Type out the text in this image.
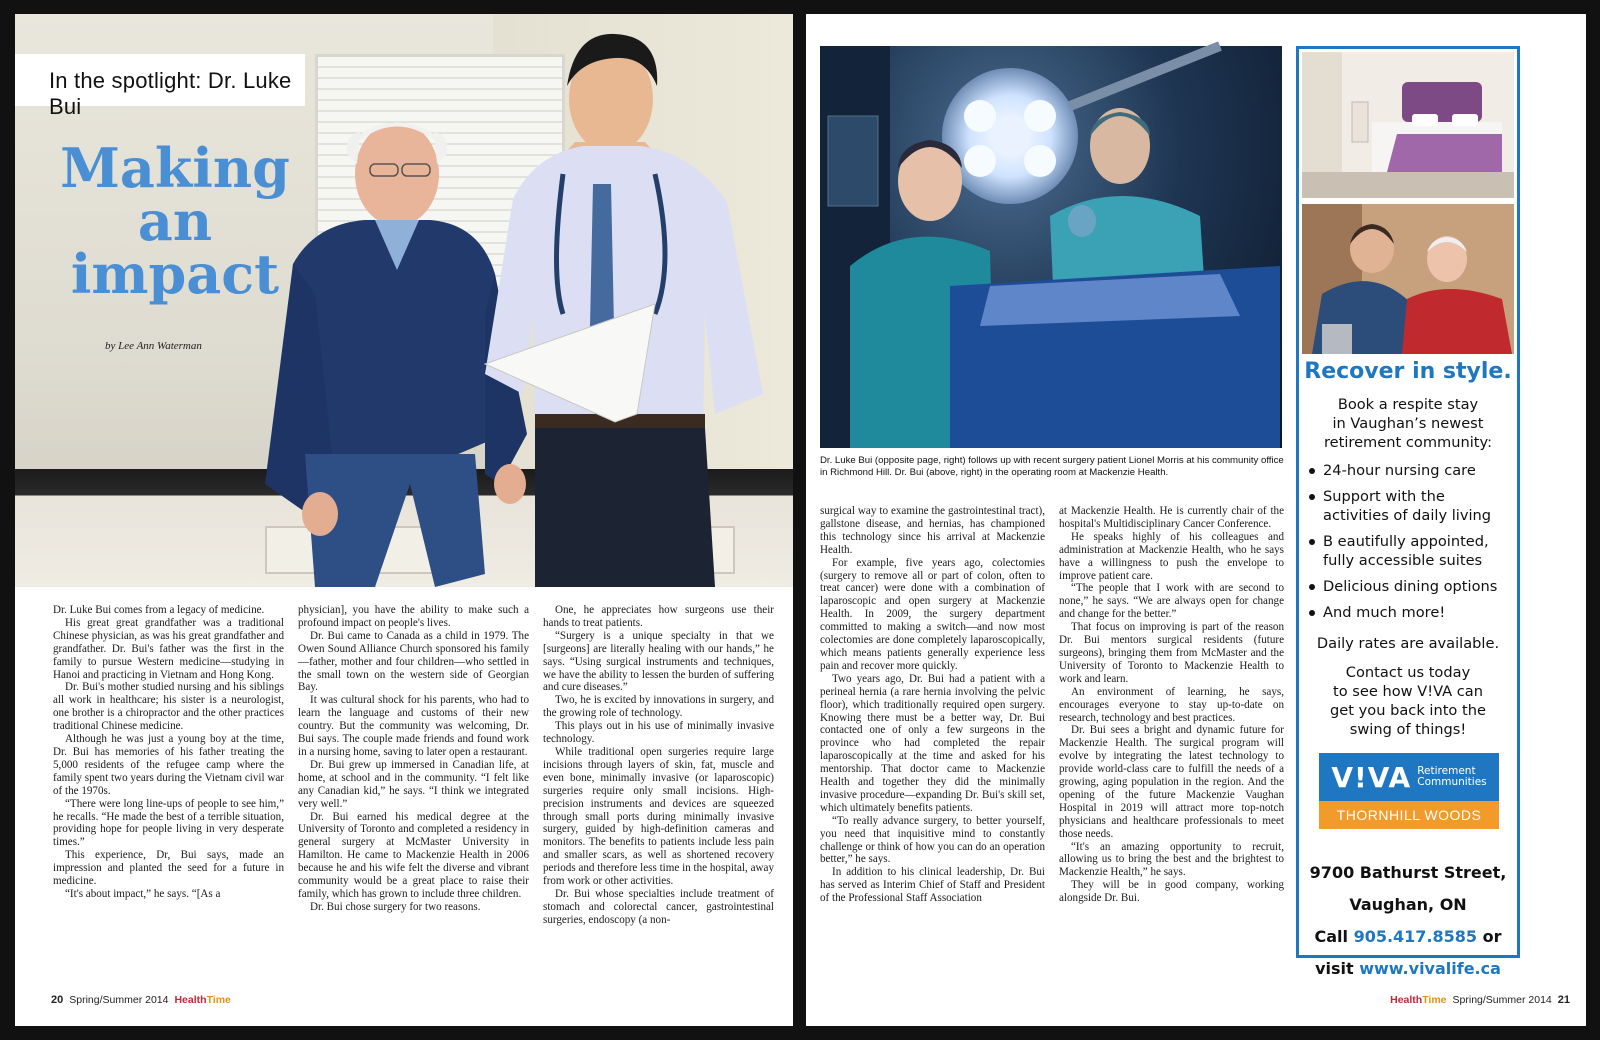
In the spotlight: Dr. Luke Bui
Making
an
impact
by Lee Ann Waterman

Dr. Luke Bui comes from a legacy of medicine.

His great great grandfather was a traditional Chinese physician, as was his great grandfather and grandfather. Dr. Bui's father was the first in the family to pursue Western medicine—studying in Hanoi and practicing in Vietnam and Hong Kong.

Dr. Bui's mother studied nursing and his siblings all work in healthcare; his sister is a neurologist, one brother is a chiropractor and the other practices traditional Chinese medicine.

Although he was just a young boy at the time, Dr. Bui has memories of his father treating the 5,000 residents of the refugee camp where the family spent two years during the Vietnam civil war of the 1970s.

“There were long line-ups of people to see him,” he recalls. “He made the best of a terrible situation, providing hope for people living in very desperate times.”

This experience, Dr, Bui says, made an impression and planted the seed for a future in medicine.

“It's about impact,” he says. “[As a

physician], you have the ability to make such a profound impact on people's lives.

Dr. Bui came to Canada as a child in 1979. The Owen Sound Alliance Church sponsored his family—father, mother and four children—who settled in the small town on the western side of Georgian Bay.

It was cultural shock for his parents, who had to learn the language and customs of their new country. But the community was welcoming, Dr. Bui says. The couple made friends and found work in a nursing home, saving to later open a restaurant.

Dr. Bui grew up immersed in Canadian life, at home, at school and in the community. “I felt like any Canadian kid,” he says. “I think we integrated very well.”

Dr. Bui earned his medical degree at the University of Toronto and completed a residency in general surgery at McMaster University in Hamilton. He came to Mackenzie Health in 2006 because he and his wife felt the diverse and vibrant community would be a great place to raise their family, which has grown to include three children.

Dr. Bui chose surgery for two reasons.

One, he appreciates how surgeons use their hands to treat patients.

“Surgery is a unique specialty in that we [surgeons] are literally healing with our hands,” he says. “Using surgical instruments and techniques, we have the ability to lessen the burden of suffering and cure diseases.”

Two, he is excited by innovations in surgery, and the growing role of technology.

This plays out in his use of minimally invasive technology.

While traditional open surgeries require large incisions through layers of skin, fat, muscle and even bone, minimally invasive (or laparoscopic) surgeries require only small incisions. High-precision instruments and devices are squeezed through small ports during minimally invasive surgery, guided by high-definition cameras and monitors. The benefits to patients include less pain and smaller scars, as well as shortened recovery periods and therefore less time in the hospital, away from work or other activities.

Dr. Bui whose specialties include treatment of stomach and colorectal cancer, gastrointestinal surgeries, endoscopy (a non-

20 Spring/Summer 2014 HealthTime
Dr. Luke Bui (opposite page, right) follows up with recent surgery patient Lionel Morris at his community office in Richmond Hill. Dr. Bui (above, right) in the operating room at Mackenzie Health.

surgical way to examine the gastrointestinal tract), gallstone disease, and hernias, has championed this technology since his arrival at Mackenzie Health.

For example, five years ago, colectomies (surgery to remove all or part of colon, often to treat cancer) were done with a combination of laparoscopic and open surgery at Mackenzie Health. In 2009, the surgery department committed to making a switch—and now most colectomies are done completely laparoscopically, which means patients generally experience less pain and recover more quickly.

Two years ago, Dr. Bui had a patient with a perineal hernia (a rare hernia involving the pelvic floor), which traditionally required open surgery. Knowing there must be a better way, Dr. Bui contacted one of only a few surgeons in the province who had completed the repair laparoscopically at the time and asked for his mentorship. That doctor came to Mackenzie Health and together they did the minimally invasive procedure—expanding Dr. Bui's skill set, which ultimately benefits patients.

“To really advance surgery, to better yourself, you need that inquisitive mind to constantly challenge or think of how you can do an operation better,” he says.

In addition to his clinical leadership, Dr. Bui has served as Interim Chief of Staff and President of the Professional Staff Association

at Mackenzie Health. He is currently chair of the hospital's Multidisciplinary Cancer Conference.

He speaks highly of his colleagues and administration at Mackenzie Health, who he says have a willingness to push the envelope to improve patient care.

“The people that I work with are second to none,” he says. “We are always open for change and change for the better.”

That focus on improving is part of the reason Dr. Bui mentors surgical residents (future surgeons), bringing them from McMaster and the University of Toronto to Mackenzie Health to work and learn.

An environment of learning, he says, encourages everyone to stay up-to-date on research, technology and best practices.

Dr. Bui sees a bright and dynamic future for Mackenzie Health. The surgical program will evolve by integrating the latest technology to provide world-class care to fulfill the needs of a growing, aging population in the region. And the opening of the future Mackenzie Vaughan Hospital in 2019 will attract more top-notch physicians and healthcare professionals to meet those needs.

“It's an amazing opportunity to recruit, allowing us to bring the best and the brightest to Mackenzie Health,” he says.

They will be in good company, working alongside Dr. Bui.

Recover in style.
Book a respite stay
in Vaughan’s newest
retirement community:
24-hour nursing care
Support with the activities of daily living
B eautifully appointed, fully accessible suites
Delicious dining options
And much more!
Daily rates are available.
Contact us today
to see how V!VA can
get you back into the
swing of things!
V!VA Retirement
Communities
THORNHILL WOODS
9700 Bathurst Street,
Vaughan, ON
Call 905.417.8585 or
visit www.vivalife.ca
HealthTime Spring/Summer 2014 21
